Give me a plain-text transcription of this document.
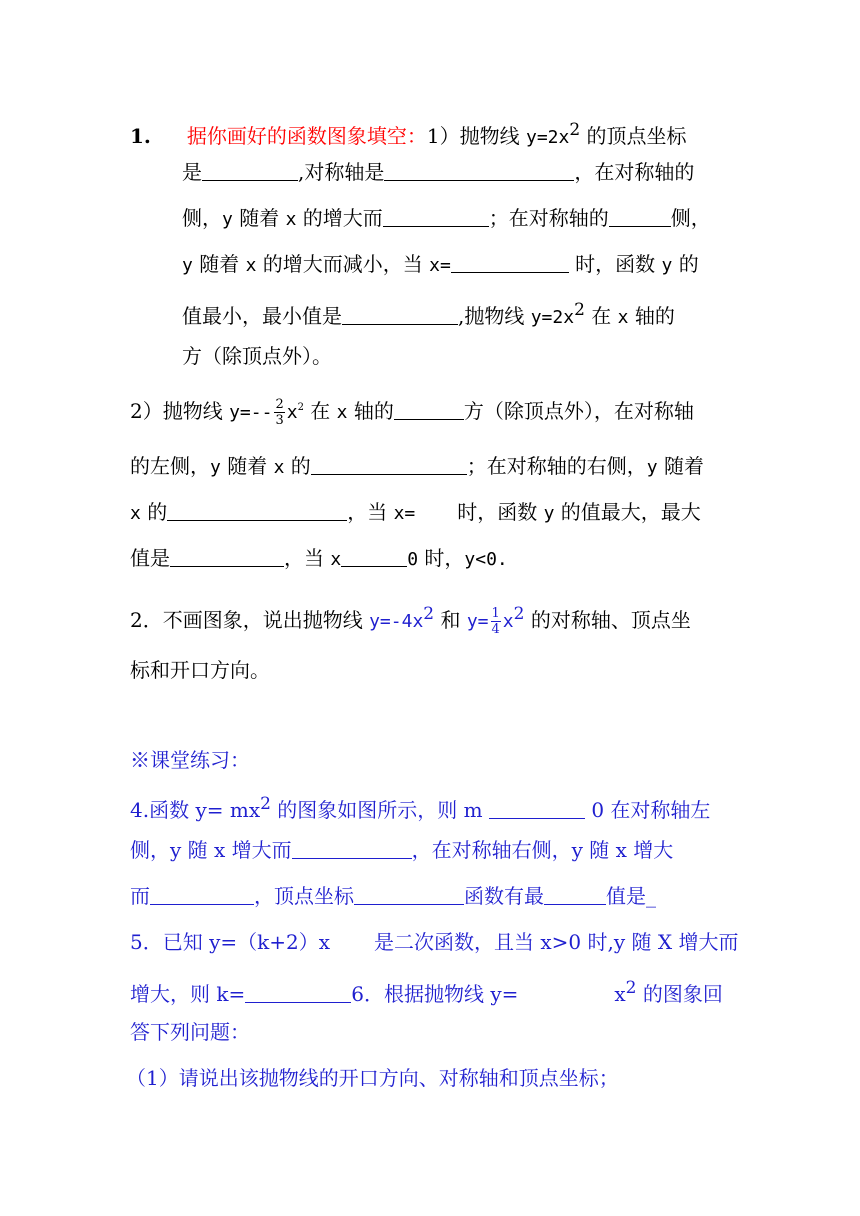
1. 据你画好的函数图象填空：1）抛物线 $y=2x^2$ 的顶点坐标
是	,对称轴是	，在对称轴的
侧，y 随着 x 的增大而	；在对称轴的	侧，
y 随着 x 的增大而减小，当 x=	时，函数 y 的
值最小，最小值是	,抛物线 $y=2x^2$ 在 x 轴的
方（除顶点外）。
2）抛物线 $y=-- \frac{2}{3} x^2$ 在 x 轴的	方（除顶点外），在对称轴
的左侧，y 随着 x 的	；在对称轴的右侧，y 随着
x 的	，当 x= 时，函数 y 的值最大，最大
值是	，当 x	0 时，y<0.
2．不画图象，说出抛物线 $y=-4x^2$ 和 $y= \frac{1}{4} x^2$ 的对称轴、顶点坐
标和开口方向。
※课堂练习：
4.函数 $y= mx^2$ 的图象如图所示，则 m	0 在对称轴左
侧，y 随 x 增大而	，在对称轴右侧，y 随 x 增大
而	，顶点坐标	函数有最	值是_
5．已知 y=（k+2）x 是二次函数，且当 x>0 时,y 随 X 增大而
增大，则 k=	6．根据抛物线 y=	$x^2$ 的图象回
答下列问题：
（1）请说出该抛物线的开口方向、对称轴和顶点坐标；
